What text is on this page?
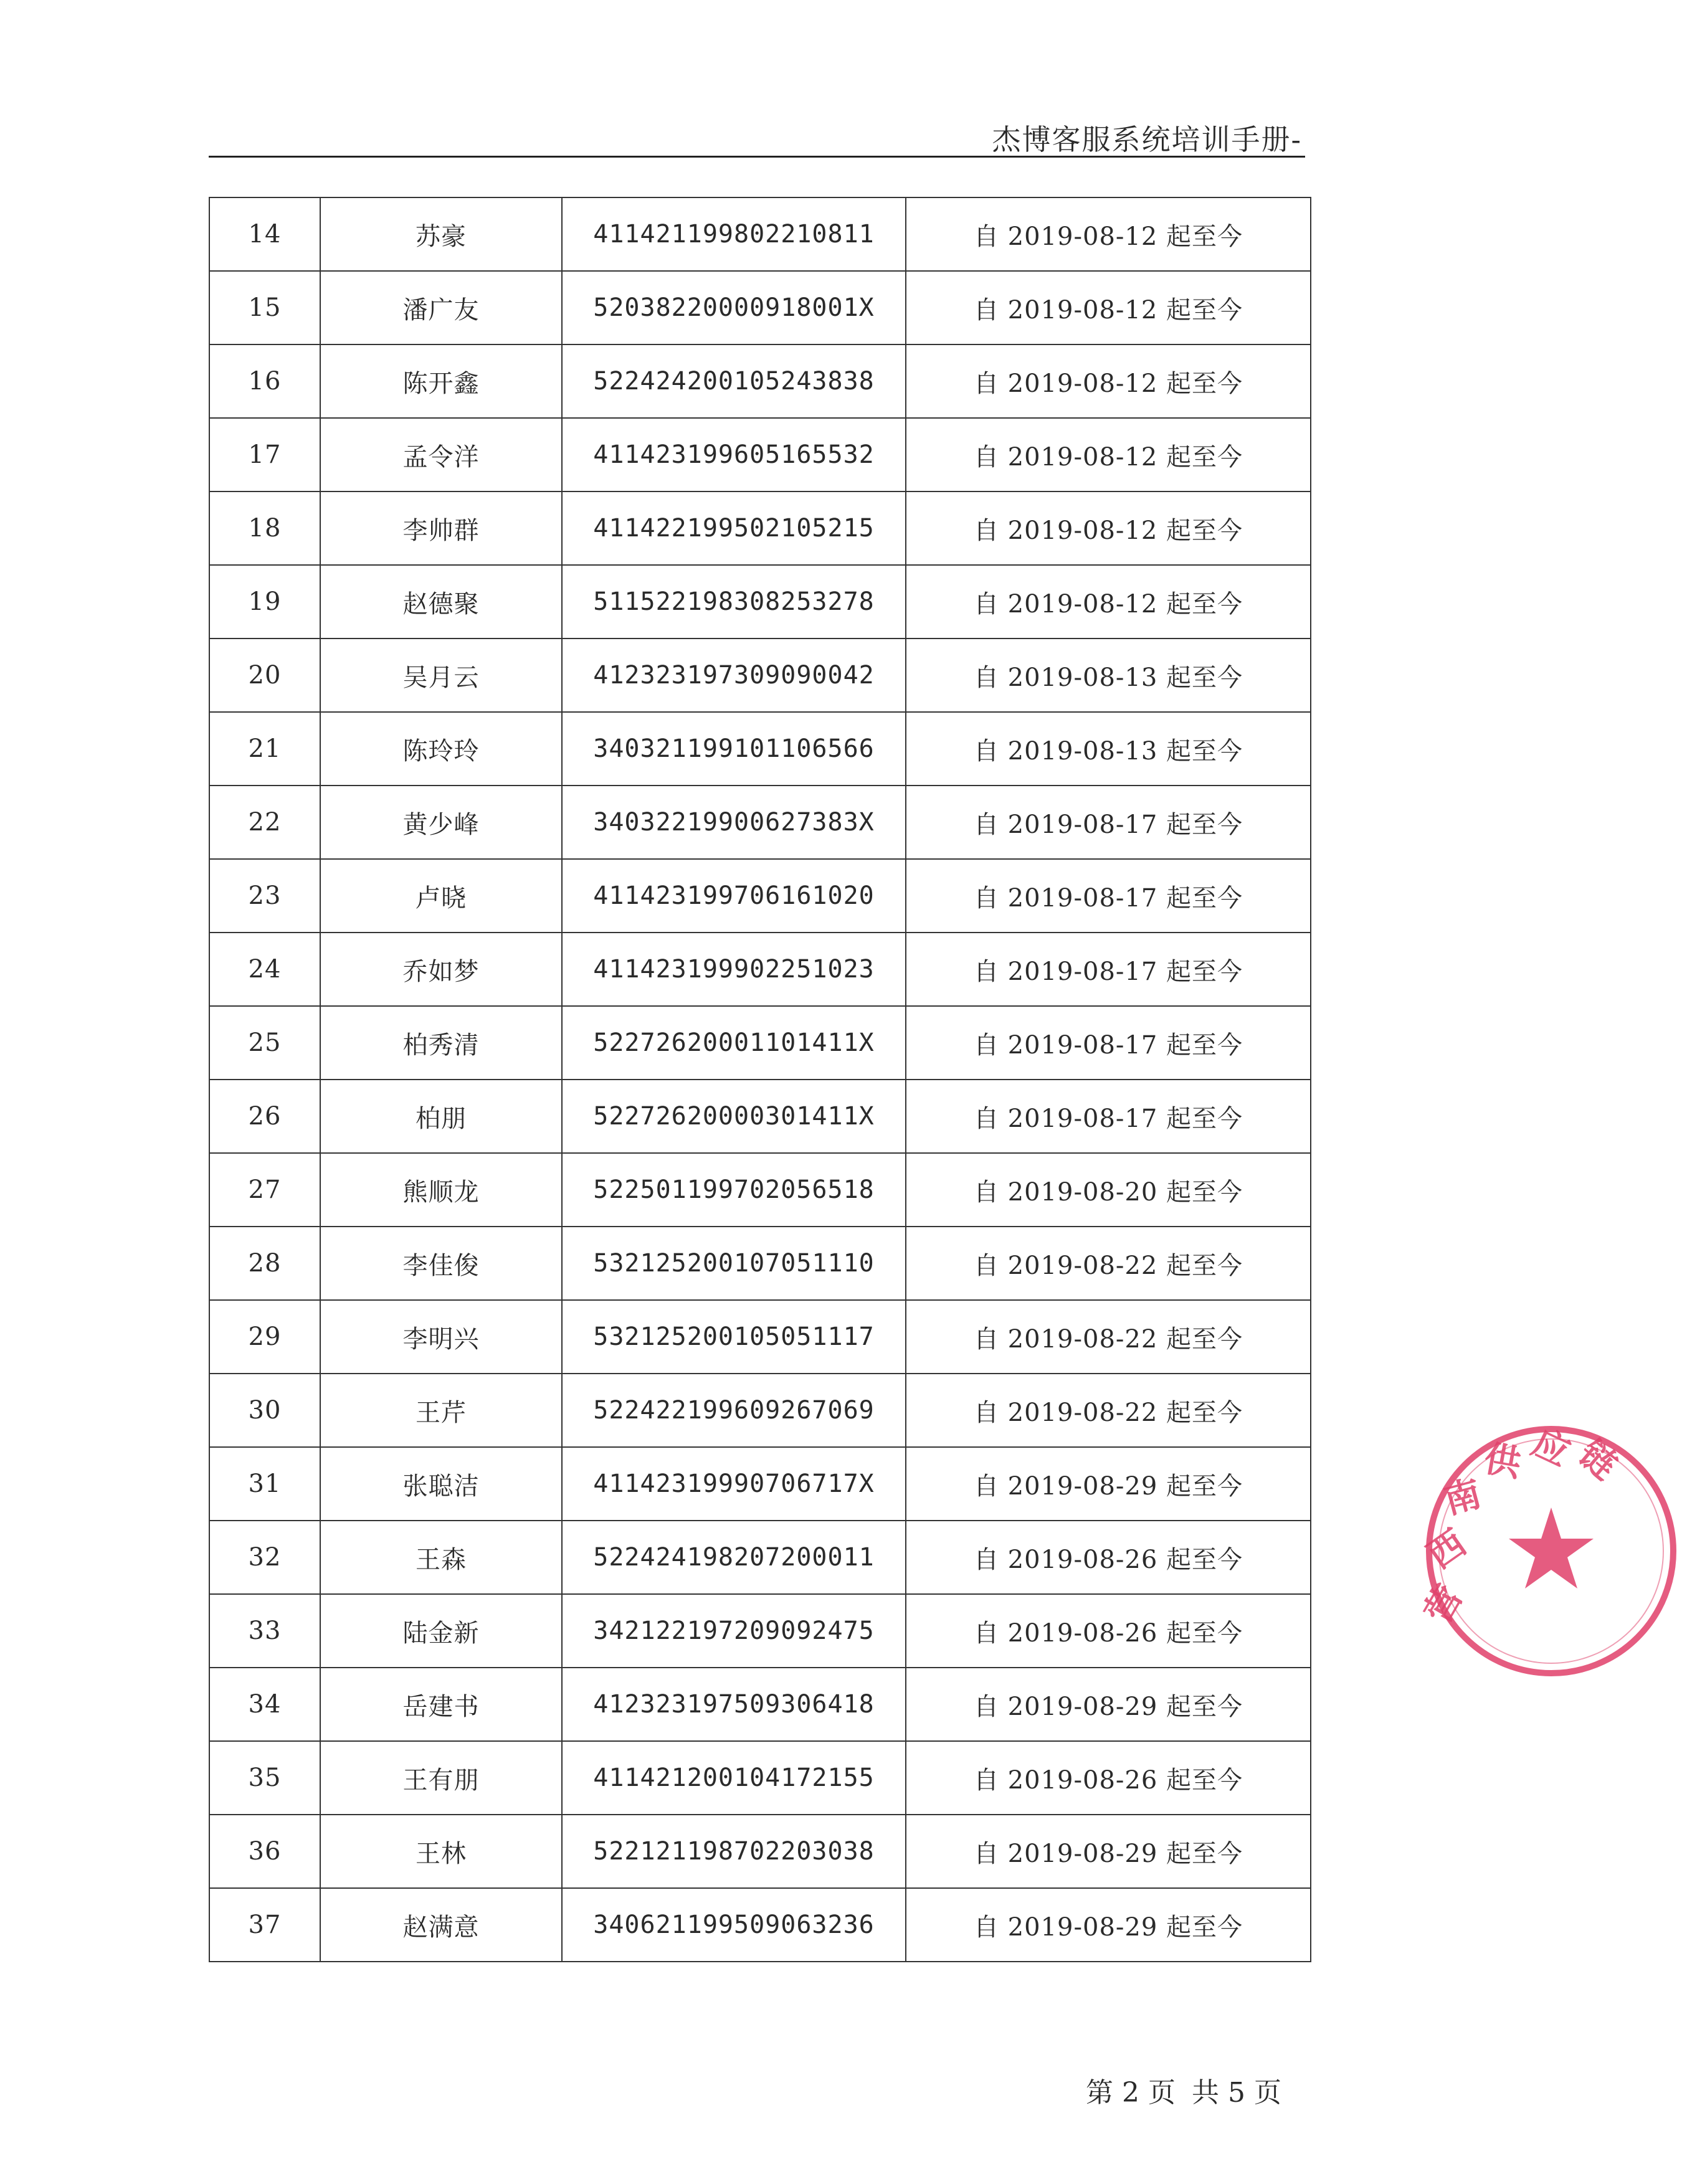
杰博客服系统培训手册-
14	苏豪	411421199802210811	自 2019-08-12 起至今
15	潘广友	52038220000918001X	自 2019-08-12 起至今
16	陈开鑫	522424200105243838	自 2019-08-12 起至今
17	孟令洋	411423199605165532	自 2019-08-12 起至今
18	李帅群	411422199502105215	自 2019-08-12 起至今
19	赵德聚	511522198308253278	自 2019-08-12 起至今
20	吴月云	412323197309090042	自 2019-08-13 起至今
21	陈玲玲	340321199101106566	自 2019-08-13 起至今
22	黄少峰	34032219900627383X	自 2019-08-17 起至今
23	卢晓	411423199706161020	自 2019-08-17 起至今
24	乔如梦	411423199902251023	自 2019-08-17 起至今
25	柏秀清	52272620001101411X	自 2019-08-17 起至今
26	柏朋	52272620000301411X	自 2019-08-17 起至今
27	熊顺龙	522501199702056518	自 2019-08-20 起至今
28	李佳俊	532125200107051110	自 2019-08-22 起至今
29	李明兴	532125200105051117	自 2019-08-22 起至今
30	王芹	522422199609267069	自 2019-08-22 起至今
31	张聪洁	41142319990706717X	自 2019-08-29 起至今
32	王森	522424198207200011	自 2019-08-26 起至今
33	陆金新	342122197209092475	自 2019-08-26 起至今
34	岳建书	412323197509306418	自 2019-08-29 起至今
35	王有朋	411421200104172155	自 2019-08-26 起至今
36	王林	522121198702203038	自 2019-08-29 起至今
37	赵满意	340621199509063236	自 2019-08-29 起至今
第 2 页 共 5 页
营
西
南
供 应
链
